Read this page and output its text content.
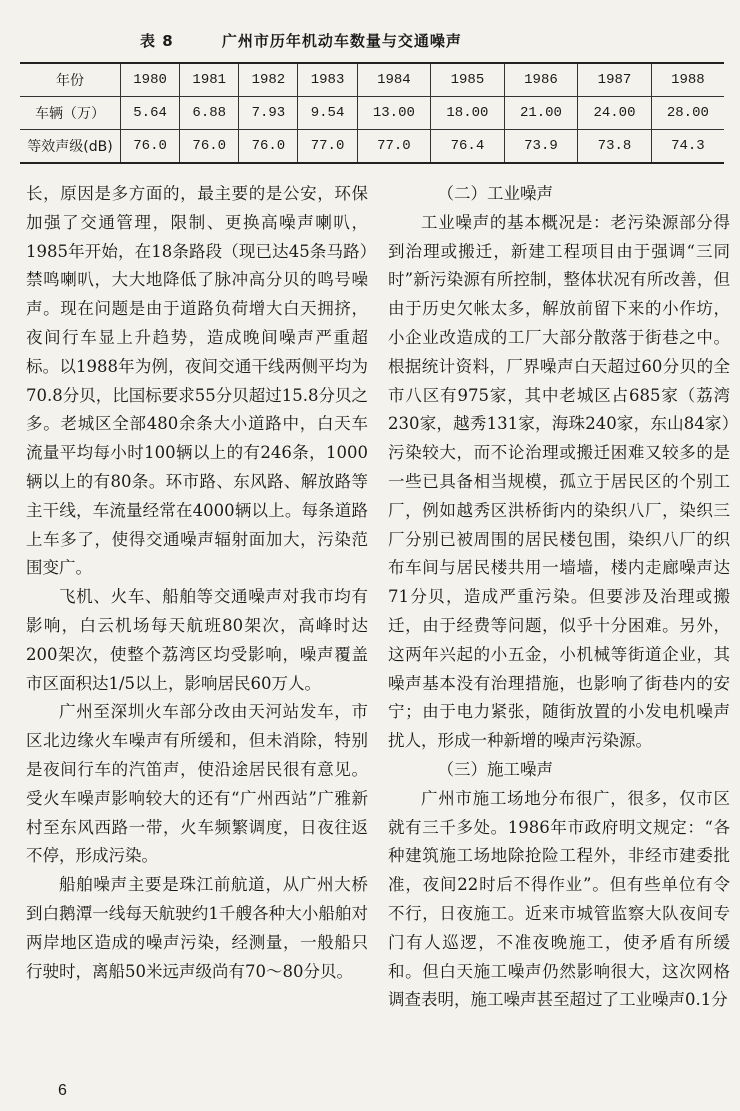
表 8	广州市历年机动车数量与交通噪声
年份	1980	1981	1982	1983	1984	1985	1986	1987	1988
车辆（万）	5.64	6.88	7.93	9.54	13.00	18.00	21.00	24.00	28.00
等效声级(dB)	76.0	76.0	76.0	77.0	77.0	76.4	73.9	73.8	74.3

长，原因是多方面的，最主要的是公安，环保加强了交通管理，限制、更换高噪声喇叭，1985年开始，在18条路段（现已达45条马路）禁鸣喇叭，大大地降低了脉冲高分贝的鸣号噪声。现在问题是由于道路负荷增大白天拥挤，夜间行车显上升趋势，造成晚间噪声严重超标。以1988年为例，夜间交通干线两侧平均为70.8分贝，比国标要求55分贝超过15.8分贝之多。老城区全部480余条大小道路中，白天车流量平均每小时100辆以上的有246条，1000辆以上的有80条。环市路、东风路、解放路等主干线，车流量经常在4000辆以上。每条道路上车多了，使得交通噪声辐射面加大，污染范围变广。

飞机、火车、船舶等交通噪声对我市均有影响，白云机场每天航班80架次，高峰时达200架次，使整个荔湾区均受影响，噪声覆盖市区面积达1/5以上，影响居民60万人。

广州至深圳火车部分改由天河站发车，市区北边缘火车噪声有所缓和，但未消除，特别是夜间行车的汽笛声，使沿途居民很有意见。受火车噪声影响较大的还有“广州西站”广雅新村至东风西路一带，火车频繁调度，日夜往返不停，形成污染。

船舶噪声主要是珠江前航道，从广州大桥到白鹅潭一线每天航驶约1千艘各种大小船舶对两岸地区造成的噪声污染，经测量，一般船只行驶时，离船50米远声级尚有70～80分贝。

（二）工业噪声

工业噪声的基本概况是：老污染源部分得到治理或搬迁，新建工程项目由于强调“三同时”新污染源有所控制，整体状况有所改善，但由于历史欠帐太多，解放前留下来的小作坊，小企业改造成的工厂大部分散落于街巷之中。根据统计资料，厂界噪声白天超过60分贝的全市八区有975家，其中老城区占685家（荔湾230家，越秀131家，海珠240家，东山84家）污染较大，而不论治理或搬迁困难又较多的是一些已具备相当规模，孤立于居民区的个别工厂，例如越秀区洪桥街内的染织八厂，染织三厂分别已被周围的居民楼包围，染织八厂的织布车间与居民楼共用一墙墙，楼内走廊噪声达71分贝，造成严重污染。但要涉及治理或搬迁，由于经费等问题，似乎十分困难。另外，这两年兴起的小五金，小机械等街道企业，其噪声基本没有治理措施，也影响了街巷内的安宁；由于电力紧张，随街放置的小发电机噪声扰人，形成一种新增的噪声污染源。

（三）施工噪声

广州市施工场地分布很广，很多，仅市区就有三千多处。1986年市政府明文规定：“各种建筑施工场地除抢险工程外，非经市建委批准，夜间22时后不得作业”。但有些单位有令不行，日夜施工。近来市城管监察大队夜间专门有人巡逻，不准夜晚施工，使矛盾有所缓和。但白天施工噪声仍然影响很大，这次网格调查表明，施工噪声甚至超过了工业噪声0.1分

6
